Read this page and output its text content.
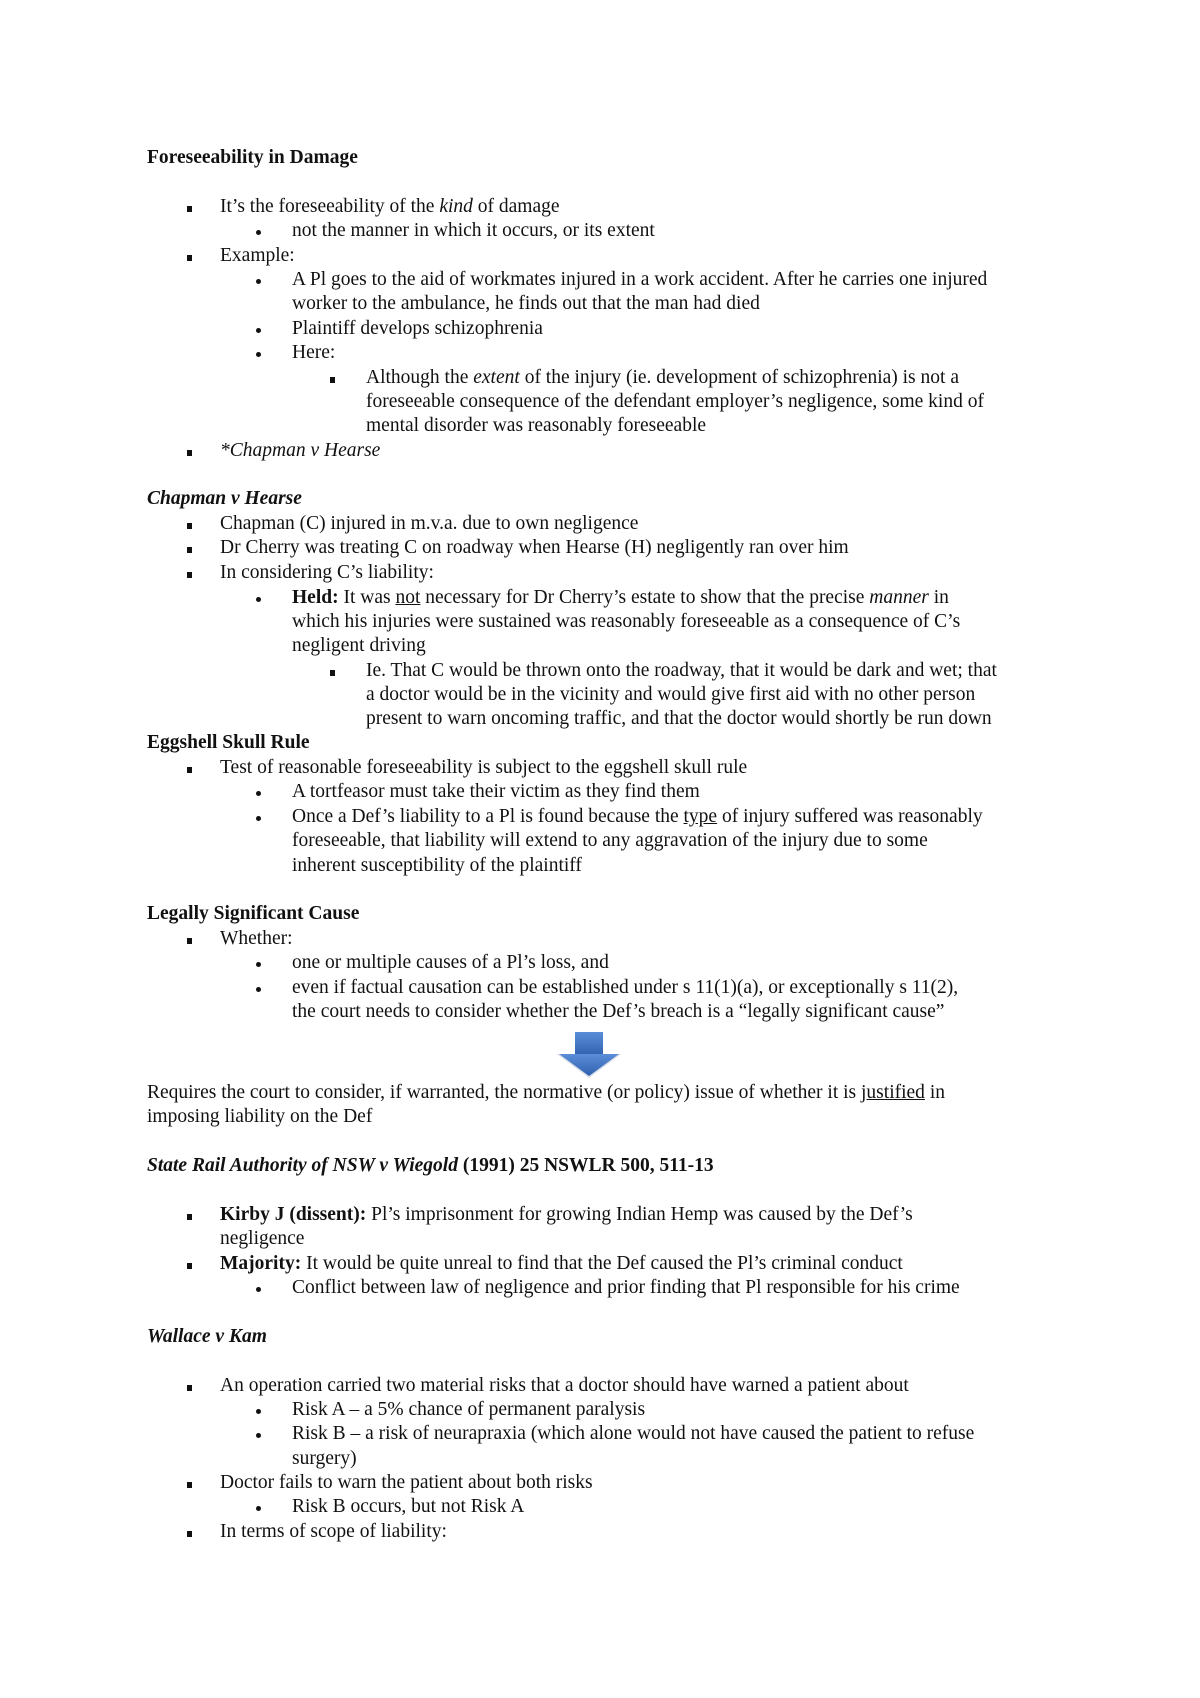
Foreseeability in Damage
It’s the foreseeability of the kind of damage
not the manner in which it occurs, or its extent
Example:
A Pl goes to the aid of workmates injured in a work accident. After he carries one injured
worker to the ambulance, he finds out that the man had died
Plaintiff develops schizophrenia
Here:
Although the extent of the injury (ie. development of schizophrenia) is not a
foreseeable consequence of the defendant employer’s negligence, some kind of
mental disorder was reasonably foreseeable
*Chapman v Hearse
Chapman v Hearse
Chapman (C) injured in m.v.a. due to own negligence
Dr Cherry was treating C on roadway when Hearse (H) negligently ran over him
In considering C’s liability:
Held: It was not necessary for Dr Cherry’s estate to show that the precise manner in
which his injuries were sustained was reasonably foreseeable as a consequence of C’s
negligent driving
Ie. That C would be thrown onto the roadway, that it would be dark and wet; that
a doctor would be in the vicinity and would give first aid with no other person
present to warn oncoming traffic, and that the doctor would shortly be run down
Eggshell Skull Rule
Test of reasonable foreseeability is subject to the eggshell skull rule
A tortfeasor must take their victim as they find them
Once a Def’s liability to a Pl is found because the type of injury suffered was reasonably
foreseeable, that liability will extend to any aggravation of the injury due to some
inherent susceptibility of the plaintiff
Legally Significant Cause
Whether:
one or multiple causes of a Pl’s loss, and
even if factual causation can be established under s 11(1)(a), or exceptionally s 11(2),
the court needs to consider whether the Def’s breach is a “legally significant cause”
Requires the court to consider, if warranted, the normative (or policy) issue of whether it is justified in
imposing liability on the Def
State Rail Authority of NSW v Wiegold (1991) 25 NSWLR 500, 511-13
Kirby J (dissent): Pl’s imprisonment for growing Indian Hemp was caused by the Def’s
negligence
Majority: It would be quite unreal to find that the Def caused the Pl’s criminal conduct
Conflict between law of negligence and prior finding that Pl responsible for his crime
Wallace v Kam
An operation carried two material risks that a doctor should have warned a patient about
Risk A – a 5% chance of permanent paralysis
Risk B – a risk of neurapraxia (which alone would not have caused the patient to refuse
surgery)
Doctor fails to warn the patient about both risks
Risk B occurs, but not Risk A
In terms of scope of liability:
